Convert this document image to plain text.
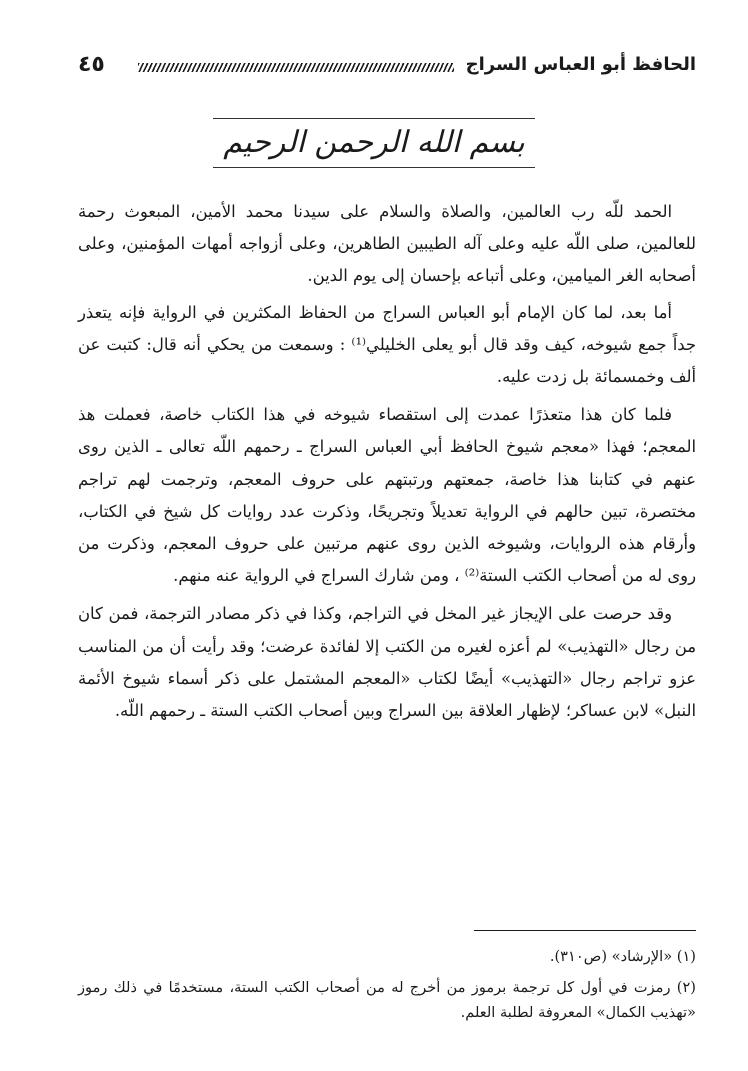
٤٥	الحافظ أبو العباس السراج
بسم الله الرحمن الرحيم

الحمد للّه رب العالمين، والصلاة والسلام على سيدنا محمد الأمين، المبعوث رحمة للعالمين، صلى اللّه عليه وعلى آله الطيبين الطاهرين، وعلى أزواجه أمهات المؤمنين، وعلى أصحابه الغر الميامين، وعلى أتباعه بإحسان إلى يوم الدين.

أما بعد، لما كان الإمام أبو العباس السراج من الحفاظ المكثرين في الرواية فإنه يتعذر جداً جمع شيوخه، كيف وقد قال أبو يعلى الخليلي⁽¹⁾ : وسمعت من يحكي أنه قال: كتبت عن ألف وخمسمائة بل زدت عليه.

فلما كان هذا متعذرًا عمدت إلى استقصاء شيوخه في هذا الكتاب خاصة، فعملت هذ المعجم؛ فهذا «معجم شيوخ الحافظ أبي العباس السراج ـ رحمهم اللّه تعالى ـ الذين روى عنهم في كتابنا هذا خاصة، جمعتهم ورتبتهم على حروف المعجم، وترجمت لهم تراجم مختصرة، تبين حالهم في الرواية تعديلاً وتجريحًا، وذكرت عدد روايات كل شيخ في الكتاب، وأرقام هذه الروايات، وشيوخه الذين روى عنهم مرتبين على حروف المعجم، وذكرت من روى له من أصحاب الكتب الستة⁽²⁾ ، ومن شارك السراج في الرواية عنه منهم.

وقد حرصت على الإيجاز غير المخل في التراجم، وكذا في ذكر مصادر الترجمة، فمن كان من رجال «التهذيب» لم أعزه لغيره من الكتب إلا لفائدة عرضت؛ وقد رأيت أن من المناسب عزو تراجم رجال «التهذيب» أيضًا لكتاب «المعجم المشتمل على ذكر أسماء شيوخ الأئمة النبل» لابن عساكر؛ لإظهار العلاقة بين السراج وبين أصحاب الكتب الستة ـ رحمهم اللّه.

(١) «الإرشاد» (ص٣١٠).

(٢) رمزت في أول كل ترجمة برموز من أخرج له من أصحاب الكتب الستة، مستخدمًا في ذلك رموز «تهذيب الكمال» المعروفة لطلبة العلم.
